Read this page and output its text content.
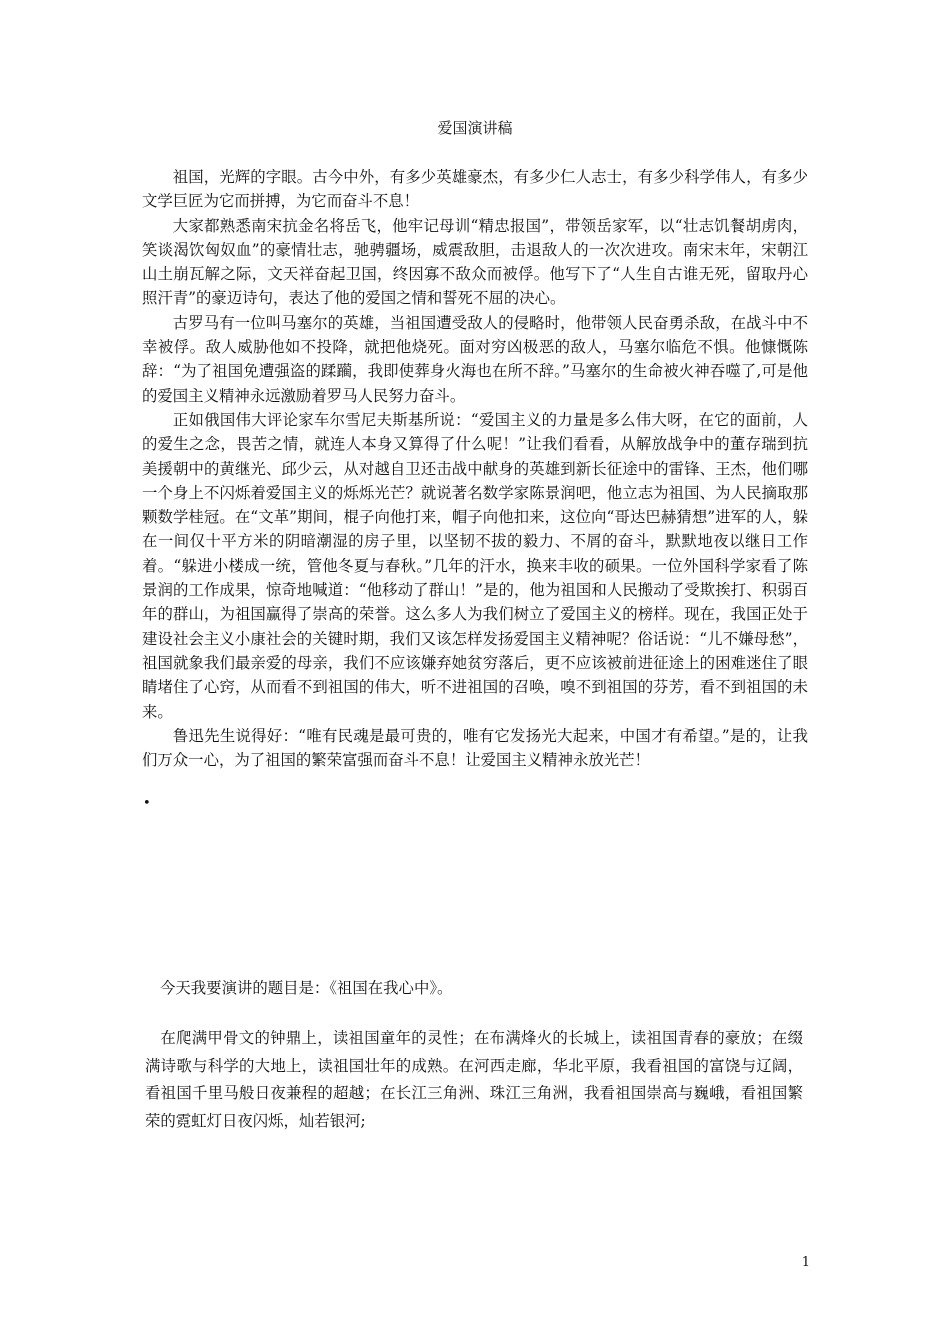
爱国演讲稿

祖国，光辉的字眼。古今中外，有多少英雄豪杰，有多少仁人志士，有多少科学伟人，有多少文学巨匠为它而拼搏，为它而奋斗不息！

大家都熟悉南宋抗金名将岳飞，他牢记母训“精忠报国”，带领岳家军，以“壮志饥餐胡虏肉，笑谈渴饮匈奴血”的豪情壮志，驰骋疆场，威震敌胆，击退敌人的一次次进攻。南宋末年，宋朝江山土崩瓦解之际，文天祥奋起卫国，终因寡不敌众而被俘。他写下了“人生自古谁无死，留取丹心照汗青”的豪迈诗句，表达了他的爱国之情和誓死不屈的决心。

古罗马有一位叫马塞尔的英雄，当祖国遭受敌人的侵略时，他带领人民奋勇杀敌，在战斗中不幸被俘。敌人威胁他如不投降，就把他烧死。面对穷凶极恶的敌人，马塞尔临危不惧。他慷慨陈辞：“为了祖国免遭强盗的蹂躏，我即使葬身火海也在所不辞。”马塞尔的生命被火神吞噬了,可是他的爱国主义精神永远激励着罗马人民努力奋斗。

正如俄国伟大评论家车尔雪尼夫斯基所说：“爱国主义的力量是多么伟大呀，在它的面前，人的爱生之念，畏苦之情，就连人本身又算得了什么呢！”让我们看看，从解放战争中的董存瑞到抗美援朝中的黄继光、邱少云，从对越自卫还击战中献身的英雄到新长征途中的雷锋、王杰，他们哪一个身上不闪烁着爱国主义的烁烁光芒？就说著名数学家陈景润吧，他立志为祖国、为人民摘取那颗数学桂冠。在“文革”期间，棍子向他打来，帽子向他扣来，这位向“哥达巴赫猜想”进军的人，躲在一间仅十平方米的阴暗潮湿的房子里，以坚韧不拔的毅力、不屑的奋斗，默默地夜以继日工作着。“躲进小楼成一统，管他冬夏与春秋。”几年的汗水，换来丰收的硕果。一位外国科学家看了陈景润的工作成果，惊奇地喊道：“他移动了群山！”是的，他为祖国和人民搬动了受欺挨打、积弱百年的群山，为祖国赢得了崇高的荣誉。这么多人为我们树立了爱国主义的榜样。现在，我国正处于建设社会主义小康社会的关键时期，我们又该怎样发扬爱国主义精神呢？俗话说：“儿不嫌母愁”，祖国就象我们最亲爱的母亲，我们不应该嫌弃她贫穷落后，更不应该被前进征途上的困难迷住了眼睛堵住了心窍，从而看不到祖国的伟大，听不进祖国的召唤，嗅不到祖国的芬芳，看不到祖国的未来。

鲁迅先生说得好：“唯有民魂是最可贵的，唯有它发扬光大起来，中国才有希望。”是的，让我们万众一心，为了祖国的繁荣富强而奋斗不息！让爱国主义精神永放光芒！

•
今天我要演讲的题目是：《祖国在我心中》。

在爬满甲骨文的钟鼎上，读祖国童年的灵性；在布满烽火的长城上，读祖国青春的豪放；在缀满诗歌与科学的大地上，读祖国壮年的成熟。在河西走廊，华北平原，我看祖国的富饶与辽阔，看祖国千里马般日夜兼程的超越；在长江三角洲、珠江三角洲，我看祖国崇高与巍峨，看祖国繁荣的霓虹灯日夜闪烁，灿若银河;

1
